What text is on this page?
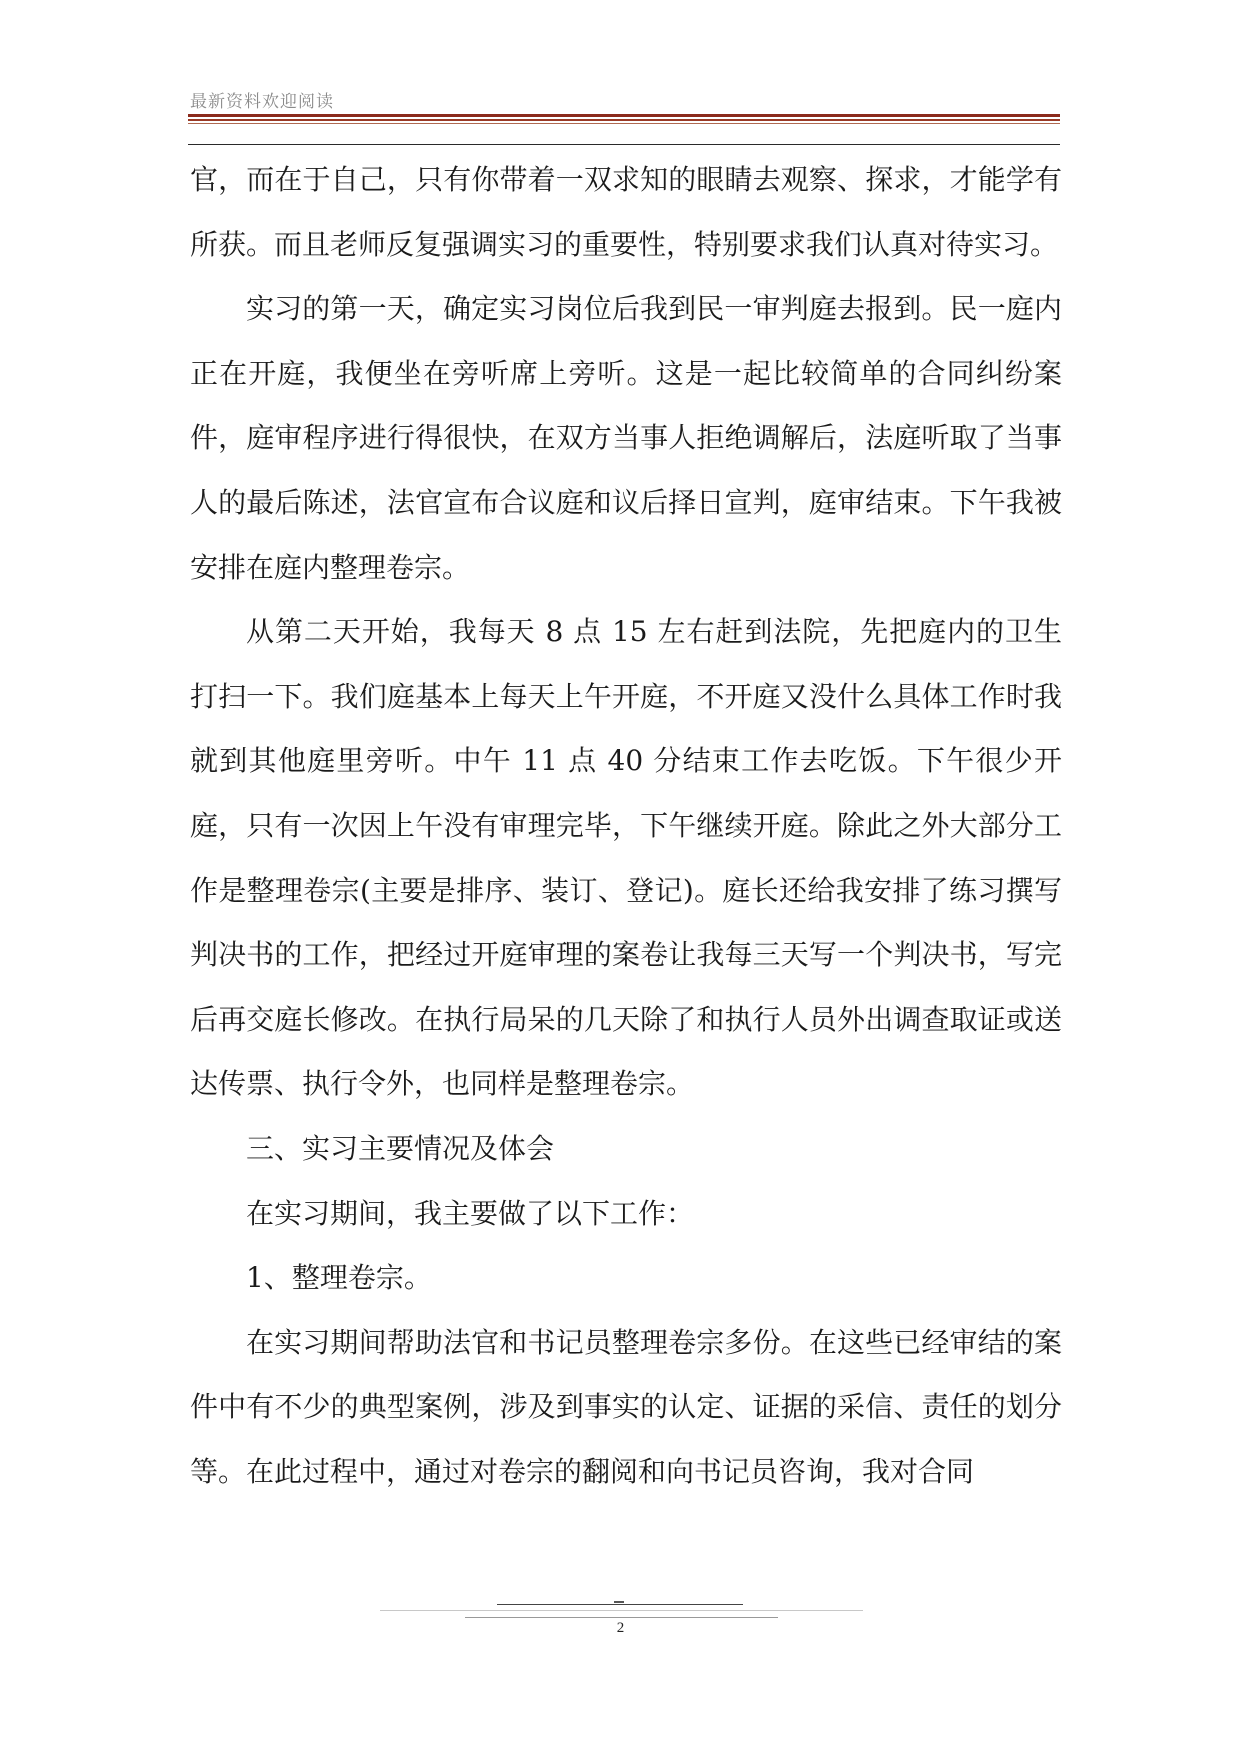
最新资料欢迎阅读

官，而在于自己，只有你带着一双求知的眼睛去观察、探求，才能学有所获。而且老师反复强调实习的重要性，特别要求我们认真对待实习。

实习的第一天，确定实习岗位后我到民一审判庭去报到。民一庭内正在开庭，我便坐在旁听席上旁听。这是一起比较简单的合同纠纷案件，庭审程序进行得很快，在双方当事人拒绝调解后，法庭听取了当事人的最后陈述，法官宣布合议庭和议后择日宣判，庭审结束。下午我被安排在庭内整理卷宗。

从第二天开始，我每天 8 点 15 左右赶到法院，先把庭内的卫生打扫一下。我们庭基本上每天上午开庭，不开庭又没什么具体工作时我就到其他庭里旁听。中午 11 点 40 分结束工作去吃饭。下午很少开庭，只有一次因上午没有审理完毕，下午继续开庭。除此之外大部分工作是整理卷宗(主要是排序、装订、登记)。庭长还给我安排了练习撰写判决书的工作，把经过开庭审理的案卷让我每三天写一个判决书，写完后再交庭长修改。在执行局呆的几天除了和执行人员外出调查取证或送达传票、执行令外，也同样是整理卷宗。

三、实习主要情况及体会

在实习期间，我主要做了以下工作：

1、整理卷宗。

在实习期间帮助法官和书记员整理卷宗多份。在这些已经审结的案件中有不少的典型案例，涉及到事实的认定、证据的采信、责任的划分等。在此过程中，通过对卷宗的翻阅和向书记员咨询，我对合同

2
